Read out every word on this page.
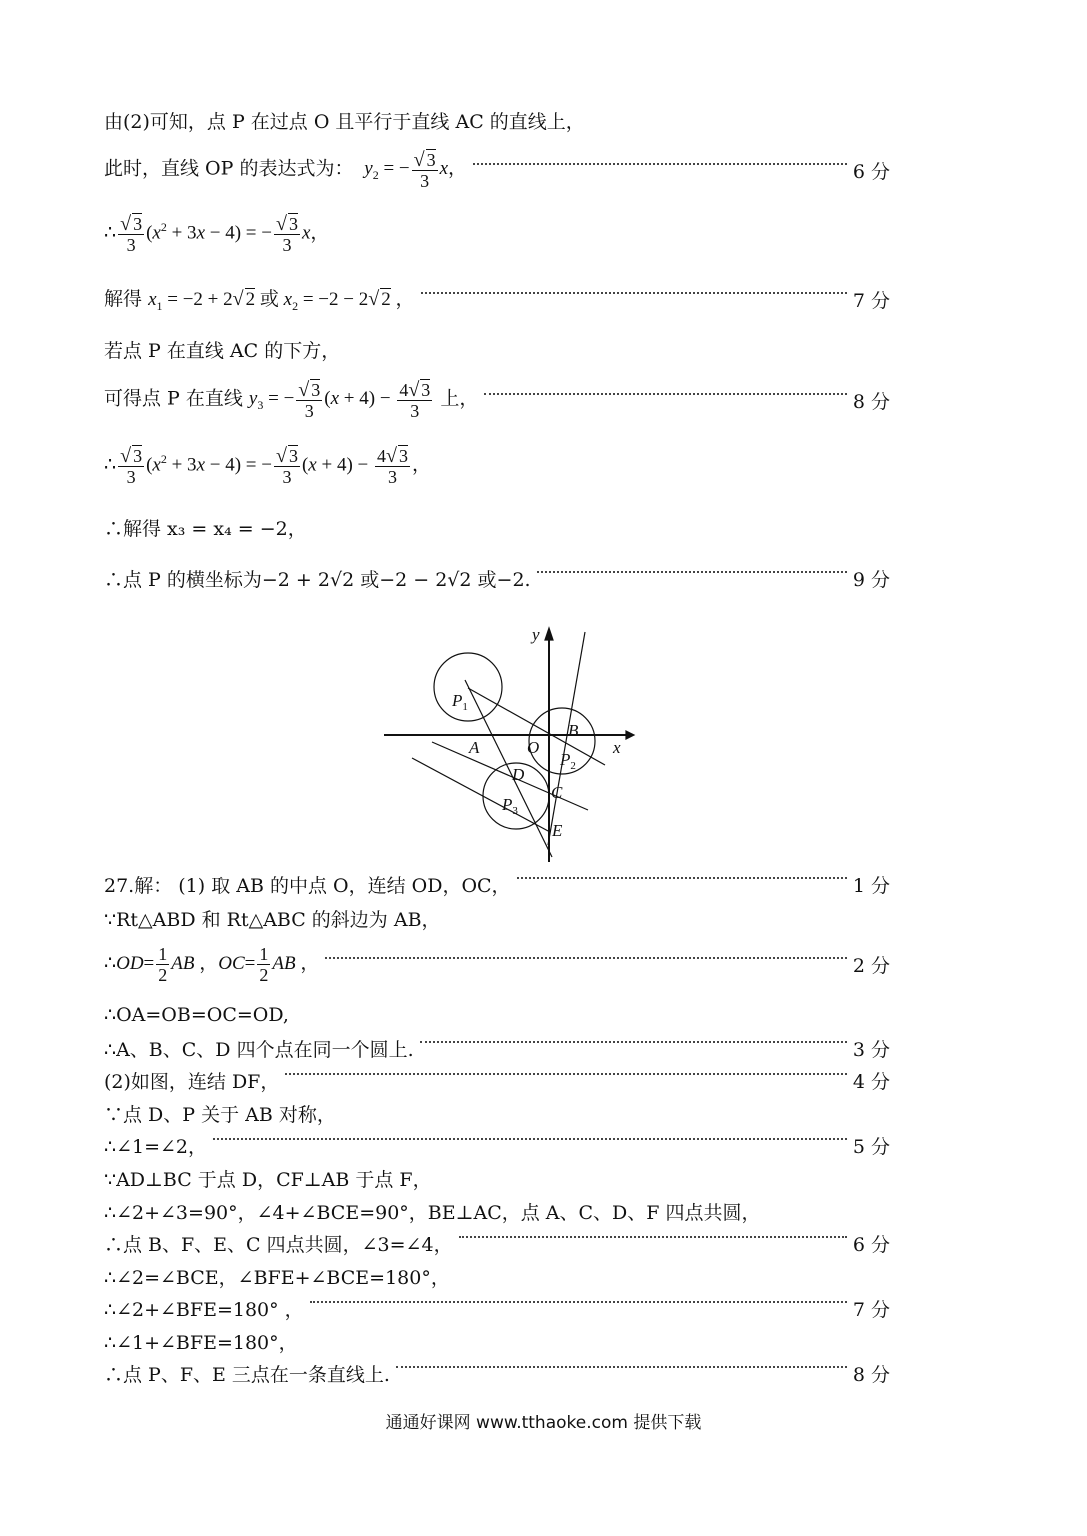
由(2)可知，点 P 在过点 O 且平行于直线 AC 的直线上，
此时，直线 OP 的表达式为： $y_2$ = − $\frac{√ 3}{3}$ x，	6 分
∴ $\frac{√ 3}{3} (x^2 + 3x - 4)$ = − $\frac{√ 3}{3}$ x，
解得 $x_1 = -2 + 2√$ 2 或 $x_2 = -2 - 2√$ 2 ，	7 分
若点 P 在直线 AC 的下方，
可得点 P 在直线 $y_3$ = − $\frac{√ 3}{3} (x + 4) - \frac{4√ 3}{3}$ 上，	8 分
∴ $\frac{√ 3}{3} (x^2 + 3x - 4)$ = − $\frac{√ 3}{3} (x + 4) - \frac{4√ 3}{3}$ ，
∴解得 x₃ = x₄ = −2，
∴点 P 的横坐标为−2 + 2√2 或−2 − 2√2 或−2.	9 分
y
x
$P_1$
B
O
A
$P_2$
D
C
$P_3$
E
27.解： (1) 取 AB 的中点 O，连结 OD，OC，	1 分
∵Rt△ABD 和 Rt△ABC 的斜边为 AB，
∴OD= $\frac{1}{2}$ AB ，$OC= \frac{1}{2}$ AB ，	2 分
∴OA=OB=OC=OD,
∴A、B、C、D 四个点在同一个圆上.	3 分
(2)如图，连结 DF，	4 分
∵点 D、P 关于 AB 对称，
∴∠1=∠2，	5 分
∵AD⊥BC 于点 D，CF⊥AB 于点 F，
∴∠2+∠3=90°，∠4+∠BCE=90°，BE⊥AC，点 A、C、D、F 四点共圆，
∴点 B、F、E、C 四点共圆，∠3=∠4，	6 分
∴∠2=∠BCE，∠BFE+∠BCE=180°，
∴∠2+∠BFE=180° ，	7 分
∴∠1+∠BFE=180°，
∴点 P、F、E 三点在一条直线上.	8 分
通通好课网 www.tthaoke.com 提供下载
